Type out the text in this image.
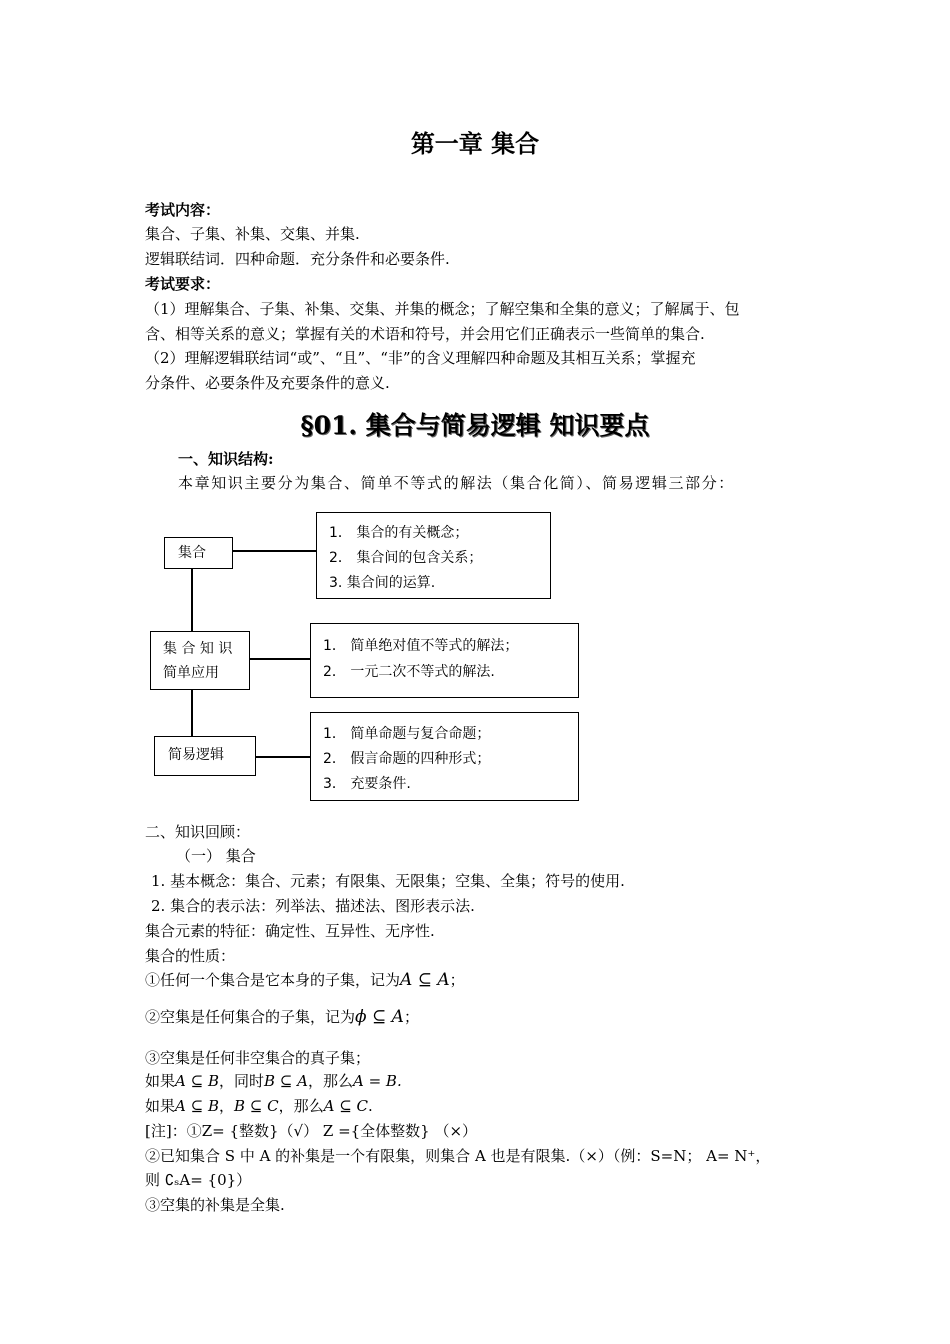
第一章 集合
考试内容：
集合、子集、补集、交集、并集.
逻辑联结词．四种命题．充分条件和必要条件.
考试要求：
（1）理解集合、子集、补集、交集、并集的概念；了解空集和全集的意义；了解属于、包
含、相等关系的意义；掌握有关的术语和符号，并会用它们正确表示一些简单的集合.
（2）理解逻辑联结词“或”、“且”、“非”的含义理解四种命题及其相互关系；掌握充
分条件、必要条件及充要条件的意义.
§01. 集合与简易逻辑 知识要点
一、知识结构:
本章知识主要分为集合、简单不等式的解法（集合化简）、简易逻辑三部分：
集合
集 合 知 识
简单应用
简易逻辑
1． 集合的有关概念；
2． 集合间的包含关系；
3. 集合间的运算.
1． 简单绝对值不等式的解法；
2． 一元二次不等式的解法.
1． 简单命题与复合命题；
2． 假言命题的四种形式；
3． 充要条件.
二、知识回顾：
（一） 集合
1. 基本概念：集合、元素；有限集、无限集；空集、全集；符号的使用.
2. 集合的表示法：列举法、描述法、图形表示法.
集合元素的特征：确定性、互异性、无序性.
集合的性质：
①任何一个集合是它本身的子集，记为A ⊆ A；
②空集是任何集合的子集，记为ϕ ⊆ A；
③空集是任何非空集合的真子集；
如果A ⊆ B，同时B ⊆ A，那么A = B.
如果A ⊆ B，B ⊆ C，那么A ⊆ C.
[注]：①Z= {整数}（√） Z ={全体整数} （×）
②已知集合 S 中 A 的补集是一个有限集，则集合 A 也是有限集.（×）（例：S=N； A= N⁺，
则 ∁ₛA= {0}）
③空集的补集是全集.
